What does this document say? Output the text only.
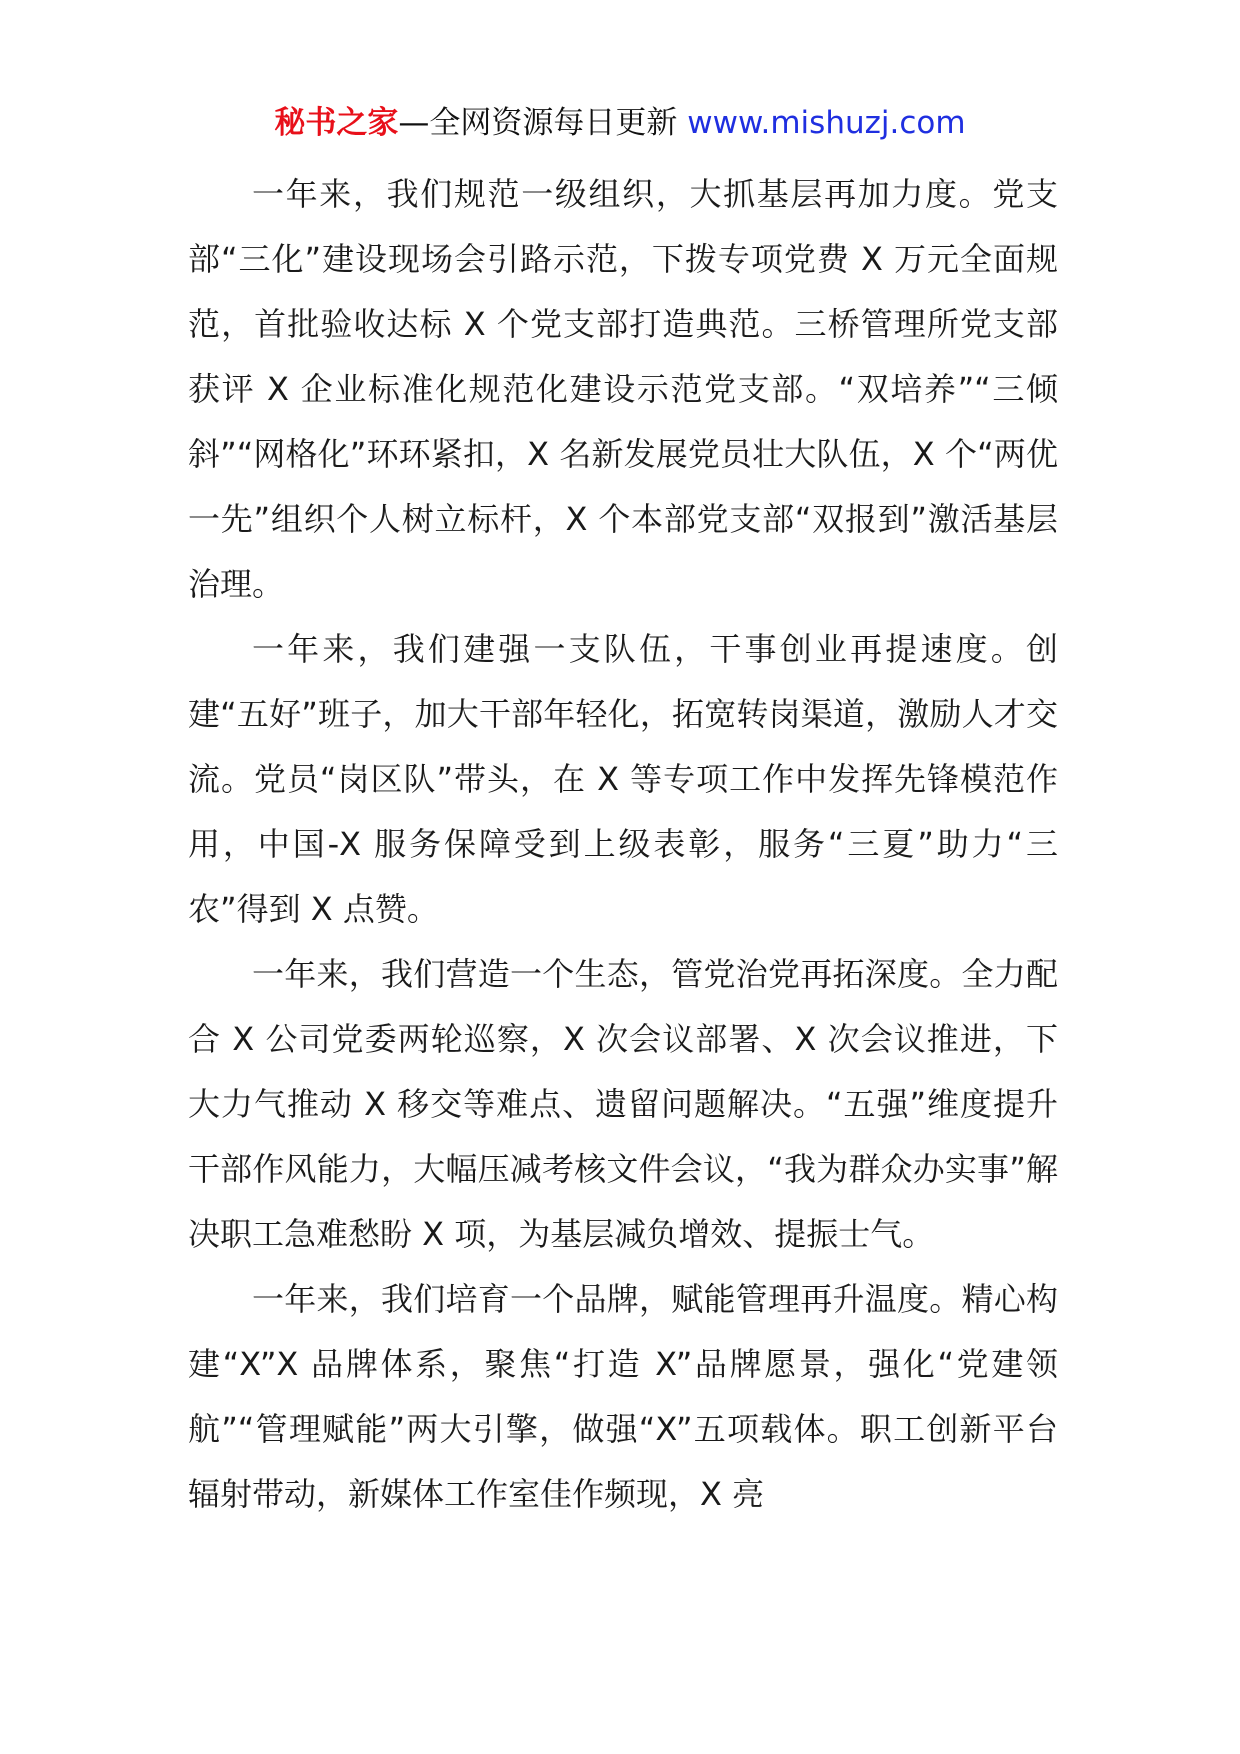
秘书之家—全网资源每日更新 www.mishuzj.com

一年来，我们规范一级组织，大抓基层再加力度。党支部“三化”建设现场会引路示范，下拨专项党费 X 万元全面规范，首批验收达标 X 个党支部打造典范。三桥管理所党支部获评 X 企业标准化规范化建设示范党支部。“双培养”“三倾斜”“网格化”环环紧扣，X 名新发展党员壮大队伍，X 个“两优一先”组织个人树立标杆，X 个本部党支部“双报到”激活基层治理。

一年来，我们建强一支队伍，干事创业再提速度。创建“五好”班子，加大干部年轻化，拓宽转岗渠道，激励人才交流。党员“岗区队”带头，在 X 等专项工作中发挥先锋模范作用，中国-X 服务保障受到上级表彰，服务“三夏”助力“三农”得到 X 点赞。

一年来，我们营造一个生态，管党治党再拓深度。全力配合 X 公司党委两轮巡察，X 次会议部署、X 次会议推进，下大力气推动 X 移交等难点、遗留问题解决。“五强”维度提升干部作风能力，大幅压减考核文件会议，“我为群众办实事”解决职工急难愁盼 X 项，为基层减负增效、提振士气。

一年来，我们培育一个品牌，赋能管理再升温度。精心构建“X”X 品牌体系，聚焦“打造 X”品牌愿景，强化“党建领航”“管理赋能”两大引擎，做强“X”五项载体。职工创新平台辐射带动，新媒体工作室佳作频现，X 亮
